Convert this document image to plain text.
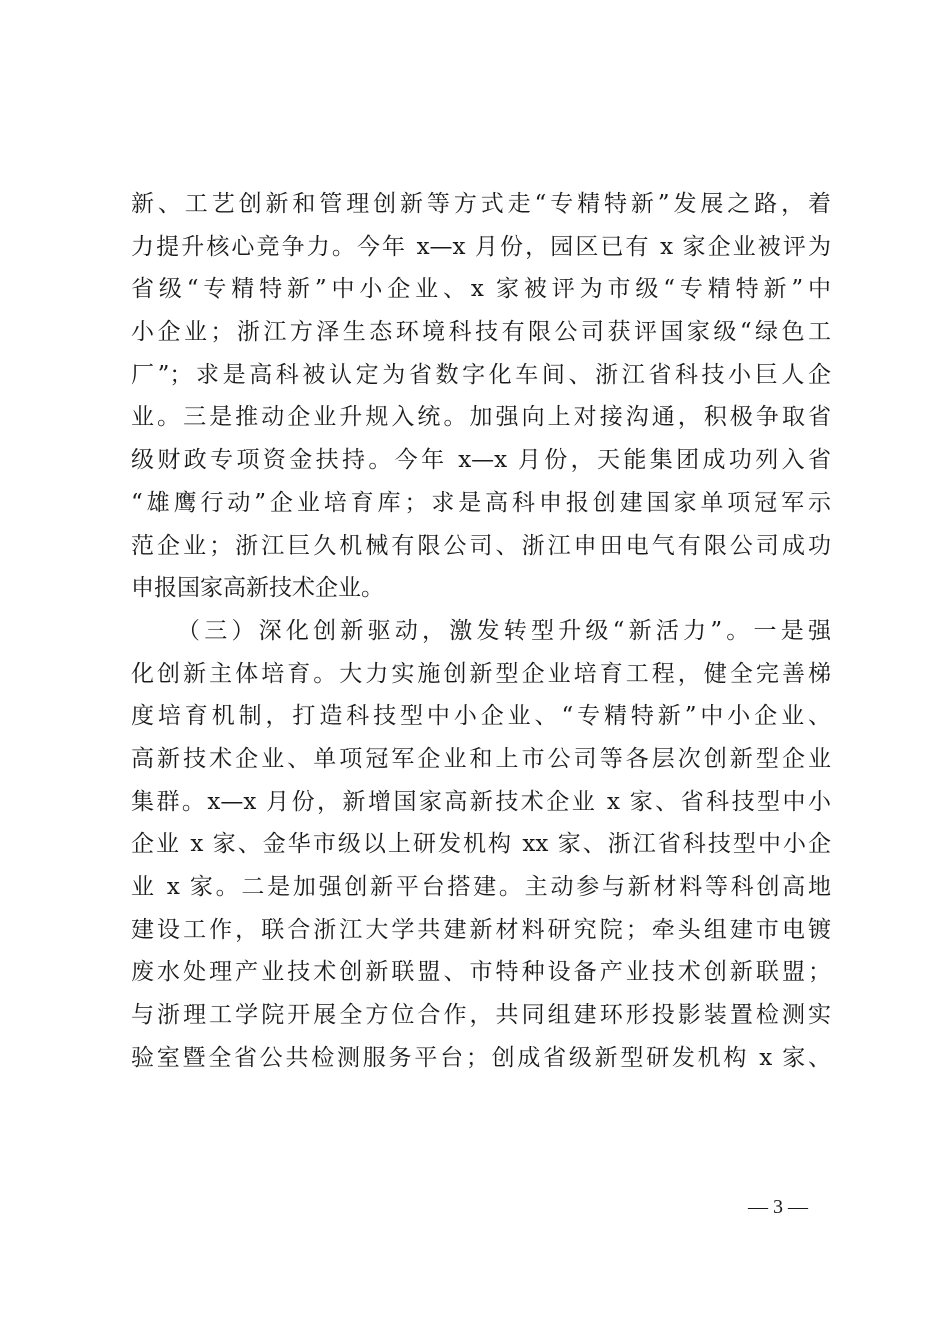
新、工艺创新和管理创新等方式走“专精特新”发展之路，着
力提升核心竞争力。今年 x—x 月份，园区已有 x 家企业被评为
省级“专精特新”中小企业、x 家被评为市级“专精特新”中
小企业；浙江方泽生态环境科技有限公司获评国家级“绿色工
厂”；求是高科被认定为省数字化车间、浙江省科技小巨人企
业。三是推动企业升规入统。加强向上对接沟通，积极争取省
级财政专项资金扶持。今年 x—x 月份，天能集团成功列入省
“雄鹰行动”企业培育库；求是高科申报创建国家单项冠军示
范企业；浙江巨久机械有限公司、浙江申田电气有限公司成功
申报国家高新技术企业。
（三）深化创新驱动，激发转型升级“新活力”。一是强
化创新主体培育。大力实施创新型企业培育工程，健全完善梯
度培育机制，打造科技型中小企业、“专精特新”中小企业、
高新技术企业、单项冠军企业和上市公司等各层次创新型企业
集群。x—x 月份，新增国家高新技术企业 x 家、省科技型中小
企业 x 家、金华市级以上研发机构 xx 家、浙江省科技型中小企
业 x 家。二是加强创新平台搭建。主动参与新材料等科创高地
建设工作，联合浙江大学共建新材料研究院；牵头组建市电镀
废水处理产业技术创新联盟、市特种设备产业技术创新联盟；
与浙理工学院开展全方位合作，共同组建环形投影装置检测实
验室暨全省公共检测服务平台；创成省级新型研发机构 x 家、
— 3 —
